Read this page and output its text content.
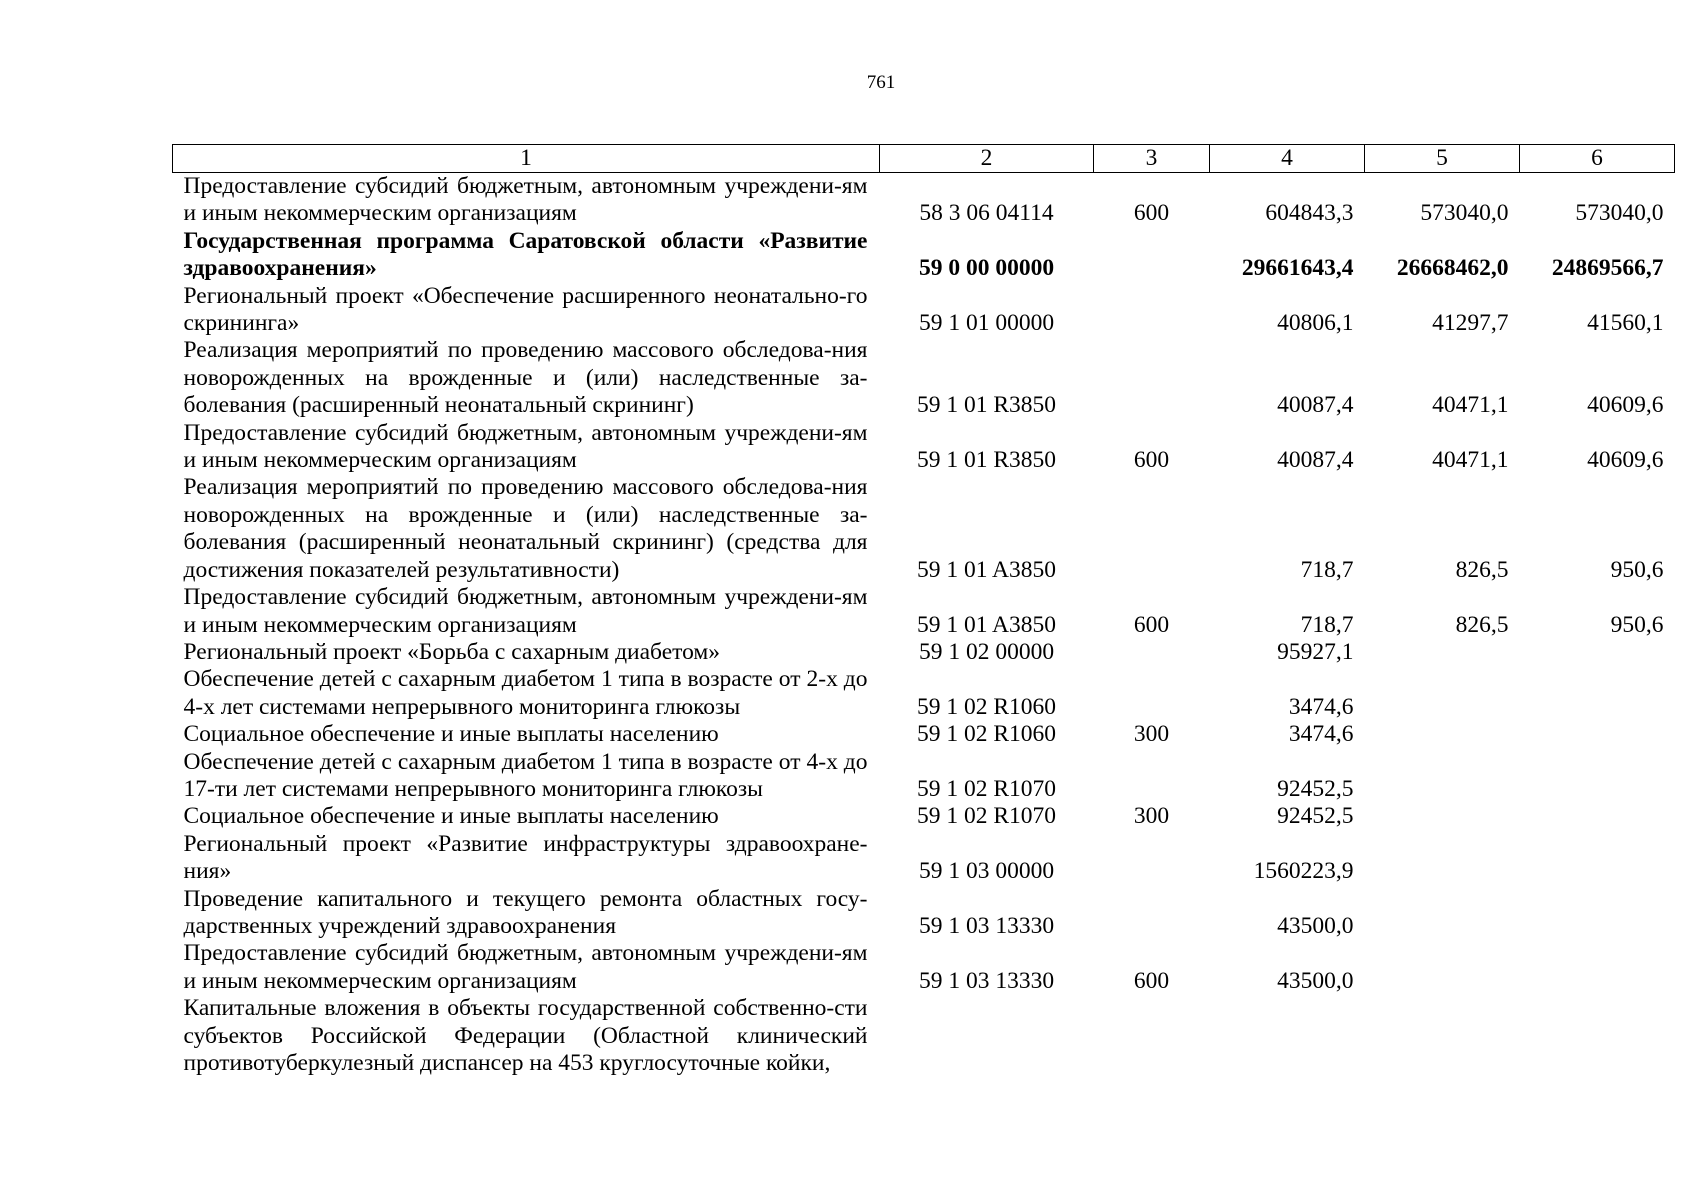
761
1	2	3	4	5	6
Предоставление субсидий бюджетным, автономным учреждени-ям и иным некоммерческим организациям	58 3 06 04114	600	604843,3	573040,0	573040,0
Государственная программа Саратовской области «Развитие здравоохранения»	59 0 00 00000		29661643,4	26668462,0	24869566,7
Региональный проект «Обеспечение расширенного неонатально-го скрининга»	59 1 01 00000		40806,1	41297,7	41560,1
Реализация мероприятий по проведению массового обследова-ния новорожденных на врожденные и (или) наследственные за-болевания (расширенный неонатальный скрининг)	59 1 01 R3850		40087,4	40471,1	40609,6
Предоставление субсидий бюджетным, автономным учреждени-ям и иным некоммерческим организациям	59 1 01 R3850	600	40087,4	40471,1	40609,6
Реализация мероприятий по проведению массового обследова-ния новорожденных на врожденные и (или) наследственные за-болевания (расширенный неонатальный скрининг) (средства для достижения показателей результативности)	59 1 01 A3850		718,7	826,5	950,6
Предоставление субсидий бюджетным, автономным учреждени-ям и иным некоммерческим организациям	59 1 01 A3850	600	718,7	826,5	950,6
Региональный проект «Борьба с сахарным диабетом»	59 1 02 00000		95927,1		
Обеспечение детей с сахарным диабетом 1 типа в возрасте от 2-х до 4-х лет системами непрерывного мониторинга глюкозы	59 1 02 R1060		3474,6		
Социальное обеспечение и иные выплаты населению	59 1 02 R1060	300	3474,6		
Обеспечение детей с сахарным диабетом 1 типа в возрасте от 4-х до 17-ти лет системами непрерывного мониторинга глюкозы	59 1 02 R1070		92452,5		
Социальное обеспечение и иные выплаты населению	59 1 02 R1070	300	92452,5		
Региональный проект «Развитие инфраструктуры здравоохране-ния»	59 1 03 00000		1560223,9		
Проведение капитального и текущего ремонта областных госу-дарственных учреждений здравоохранения	59 1 03 13330		43500,0		
Предоставление субсидий бюджетным, автономным учреждени-ям и иным некоммерческим организациям	59 1 03 13330	600	43500,0		
Капитальные вложения в объекты государственной собственно-сти субъектов Российской Федерации (Областной клинический противотуберкулезный диспансер на 453 круглосуточные койки,					
